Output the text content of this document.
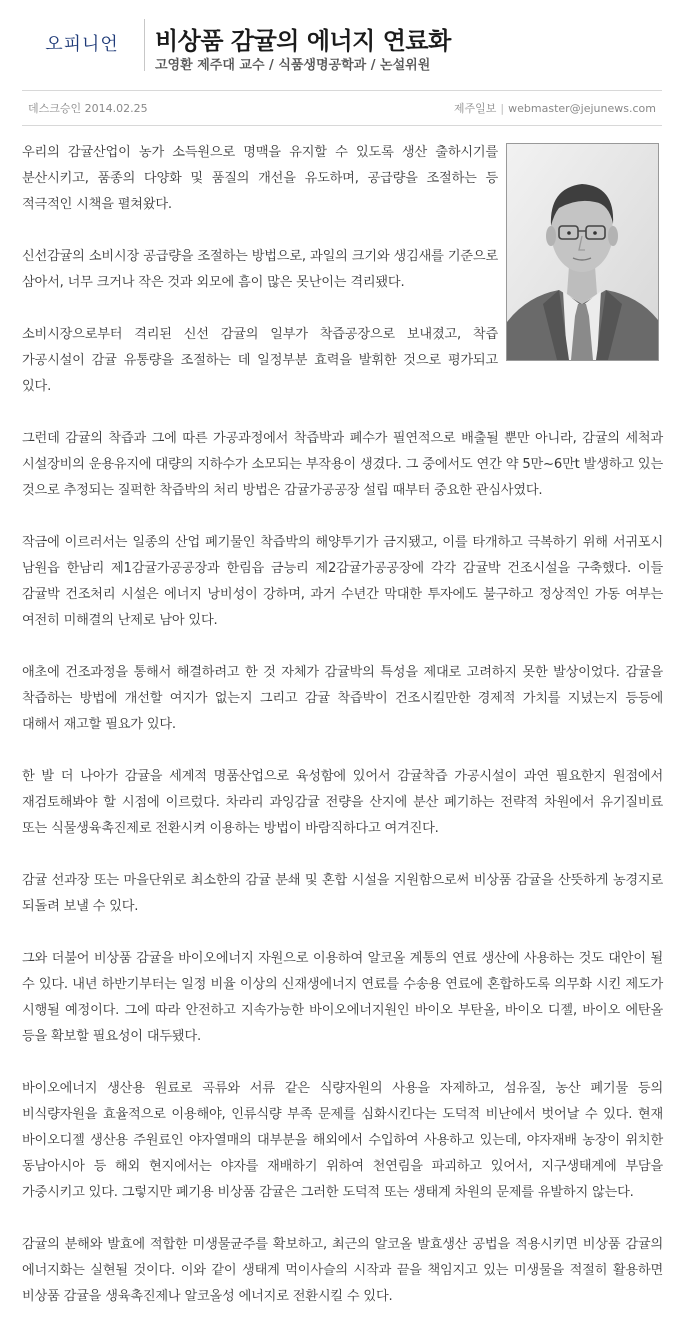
오피니언	비상품 감귤의 에너지 연료화
고영환 제주대 교수 / 식품생명공학과 / 논설위원
데스크승인 2014.02.25	제주일보 | webmaster@jejunews.com

우리의 감귤산업이 농가 소득원으로 명맥을 유지할 수 있도록 생산 출하시기를 분산시키고, 품종의 다양화 및 품질의 개선을 유도하며, 공급량을 조절하는 등 적극적인 시책을 펼쳐왔다.

신선감귤의 소비시장 공급량을 조절하는 방법으로, 과일의 크기와 생김새를 기준으로 삼아서, 너무 크거나 작은 것과 외모에 흠이 많은 못난이는 격리됐다.

소비시장으로부터 격리된 신선 감귤의 일부가 착즙공장으로 보내졌고, 착즙 가공시설이 감귤 유통량을 조절하는 데 일정부분 효력을 발휘한 것으로 평가되고 있다.

그런데 감귤의 착즙과 그에 따른 가공과정에서 착즙박과 폐수가 필연적으로 배출될 뿐만 아니라, 감귤의 세척과 시설장비의 운용유지에 대량의 지하수가 소모되는 부작용이 생겼다. 그 중에서도 연간 약 5만~6만t 발생하고 있는 것으로 추정되는 질퍽한 착즙박의 처리 방법은 감귤가공공장 설립 때부터 중요한 관심사였다.

작금에 이르러서는 일종의 산업 폐기물인 착즙박의 해양투기가 금지됐고, 이를 타개하고 극복하기 위해 서귀포시 남원읍 한남리 제1감귤가공공장과 한림읍 금능리 제2감귤가공공장에 각각 감귤박 건조시설을 구축했다. 이들 감귤박 건조처리 시설은 에너지 낭비성이 강하며, 과거 수년간 막대한 투자에도 불구하고 정상적인 가동 여부는 여전히 미해결의 난제로 남아 있다.

애초에 건조과정을 통해서 해결하려고 한 것 자체가 감귤박의 특성을 제대로 고려하지 못한 발상이었다. 감귤을 착즙하는 방법에 개선할 여지가 없는지 그리고 감귤 착즙박이 건조시킬만한 경제적 가치를 지녔는지 등등에 대해서 재고할 필요가 있다.

한 발 더 나아가 감귤을 세계적 명품산업으로 육성함에 있어서 감귤착즙 가공시설이 과연 필요한지 원점에서 재검토해봐야 할 시점에 이르렀다. 차라리 과잉감귤 전량을 산지에 분산 폐기하는 전략적 차원에서 유기질비료 또는 식물생육촉진제로 전환시켜 이용하는 방법이 바람직하다고 여겨진다.

감귤 선과장 또는 마을단위로 최소한의 감귤 분쇄 및 혼합 시설을 지원함으로써 비상품 감귤을 산뜻하게 농경지로 되돌려 보낼 수 있다.

그와 더불어 비상품 감귤을 바이오에너지 자원으로 이용하여 알코올 계통의 연료 생산에 사용하는 것도 대안이 될 수 있다. 내년 하반기부터는 일정 비율 이상의 신재생에너지 연료를 수송용 연료에 혼합하도록 의무화 시킨 제도가 시행될 예정이다. 그에 따라 안전하고 지속가능한 바이오에너지원인 바이오 부탄올, 바이오 디젤, 바이오 에탄올 등을 확보할 필요성이 대두됐다.

바이오에너지 생산용 원료로 곡류와 서류 같은 식량자원의 사용을 자제하고, 섬유질, 농산 폐기물 등의 비식량자원을 효율적으로 이용해야, 인류식량 부족 문제를 심화시킨다는 도덕적 비난에서 벗어날 수 있다. 현재 바이오디젤 생산용 주원료인 야자열매의 대부분을 해외에서 수입하여 사용하고 있는데, 야자재배 농장이 위치한 동남아시아 등 해외 현지에서는 야자를 재배하기 위하여 천연림을 파괴하고 있어서, 지구생태계에 부담을 가중시키고 있다. 그렇지만 폐기용 비상품 감귤은 그러한 도덕적 또는 생태계 차원의 문제를 유발하지 않는다.

감귤의 분해와 발효에 적합한 미생물균주를 확보하고, 최근의 알코올 발효생산 공법을 적용시키면 비상품 감귤의 에너지화는 실현될 것이다. 이와 같이 생태계 먹이사슬의 시작과 끝을 책임지고 있는 미생물을 적절히 활용하면 비상품 감귤을 생육촉진제나 알코올성 에너지로 전환시킬 수 있다.
